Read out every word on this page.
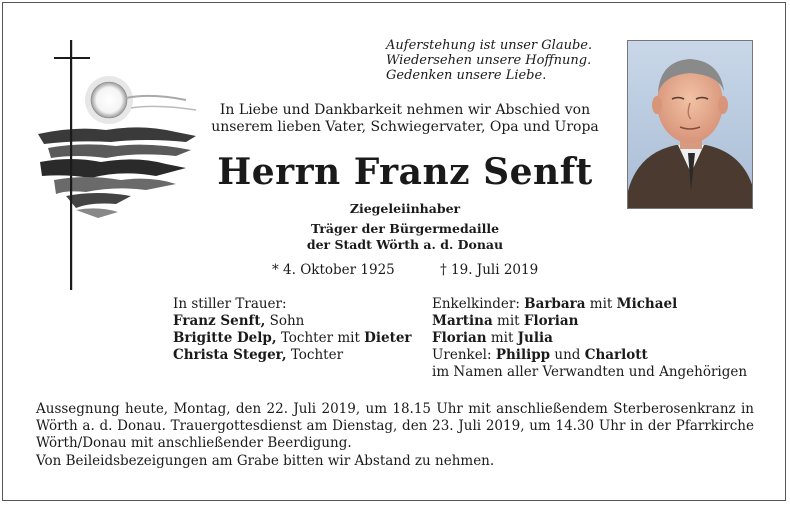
Auferstehung ist unser Glaube.
Wiedersehen unsere Hoffnung.
Gedenken unsere Liebe.
In Liebe und Dankbarkeit nehmen wir Abschied von
unserem lieben Vater, Schwiegervater, Opa und Uropa
Herrn Franz Senft
Ziegeleiinhaber
Träger der Bürgermedaille
der Stadt Wörth a. d. Donau
* 4. Oktober 1925	† 19. Juli 2019
In stiller Trauer:
Franz Senft, Sohn
Brigitte Delp, Tochter mit Dieter
Christa Steger, Tochter
Enkelkinder: Barbara mit Michael
Martina mit Florian
Florian mit Julia
Urenkel: Philipp und Charlott
im Namen aller Verwandten und Angehörigen
Aussegnung heute, Montag, den 22. Juli 2019, um 18.15 Uhr mit anschließendem Sterberosenkranz in Wörth a. d. Donau. Trauergottesdienst am Dienstag, den 23. Juli 2019, um 14.30 Uhr in der Pfarrkirche Wörth/Donau mit anschließender Beerdigung.
Von Beileidsbezeigungen am Grabe bitten wir Abstand zu nehmen.
